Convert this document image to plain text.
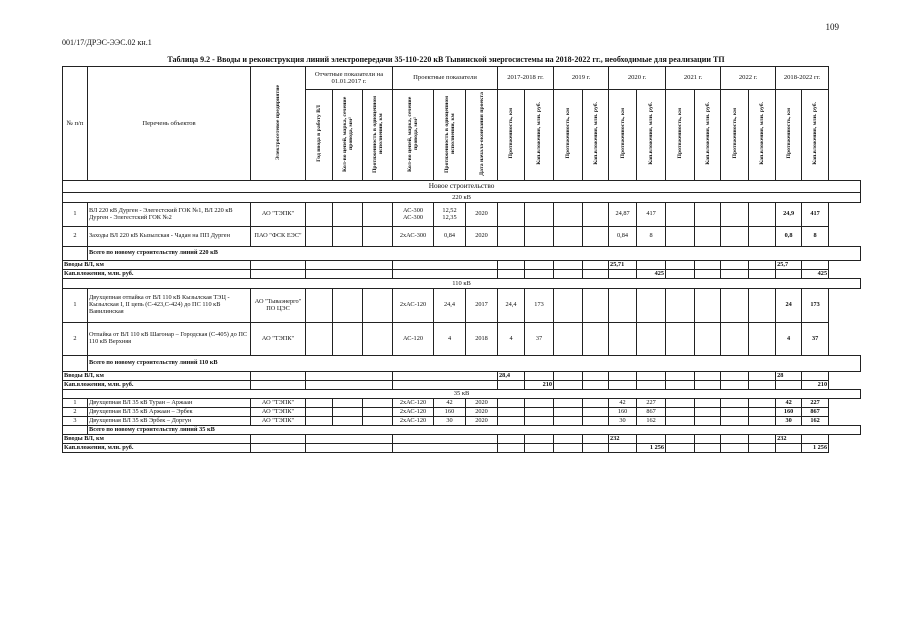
109
001/17/ДРЭС-ЭЭС.02 кн.1
Таблица 9.2 - Вводы и реконструкция линий электропередачи 35-110-220 кВ Тывинской энергосистемы на 2018-2022 гг., необходимые для реализации ТП
№ п/п	Перечень объектов	Электросетевое предприятие	Отчетные показатели на 01.01.2017 г.			Проектные показатели			2017-2018 гг.		2019 г.		2020 г.		2021 г.		2022 г.		2018-2022 гг.	
			Год ввода в работу ВЛ	Кол-во цепей, марка, сечение провода, мм²	Протяженность в одноцепном исполнении, км	Кол-во цепей, марка, сечение провода, мм²	Протяженность в одноцепном исполнении, км	Дата начала-окончания проекта	Протяженность, км	Кап.вложения, млн. руб.	Протяженность, км	Кап.вложения, млн. руб.	Протяженность, км	Кап.вложения, млн. руб.	Протяженность, км	Кап.вложения, млн. руб.	Протяженность, км	Кап.вложения, млн. руб.	Протяженность, км	Кап.вложения, млн. руб.
Новое строительство																				
220 кВ																				
1	ВЛ 220 кВ Дурген - Элегестский ГОК №1, ВЛ 220 кВ Дурген - Элегестский ГОК №2	АО "ТЭПК"				АС-300 АС-300	12,52 12,35	2020					24,87	417					24,9	417
2	Заходы ВЛ 220 кВ Кызылская - Чадан на ПП Дурген	ПАО "ФСК ЕЭС"				2хАС-300	0,84	2020					0,84	8					0,8	8
	Всего по новому строительству линий 220 кВ																			
Вводы ВЛ, км													25,71						25,7	
Кап.вложения, млн. руб.														425						425
110 кВ																				
1	Двухцепная отпайка от ВЛ 110 кВ Кызылская ТЭЦ - Кызылская I, II цепь (С-423,С-424) до ПС 110 кВ Вавилинская	АО "Тываэнерго" ПО ЦЭС				2хАС-120	24,4	2017	24,4	173									24	173
2	Отпайка от ВЛ 110 кВ Шагонар – Городская (С-405) до ПС 110 кВ Верхняя	АО "ТЭПК"				АС-120	4	2018	4	37									4	37
	Всего по новому строительству линий 110 кВ																			
Вводы ВЛ, км									28,4										28	
Кап.вложения, млн. руб.										210										210
35 кВ																				
1	Двухцепная ВЛ 35 кВ Туран – Аржаан	АО "ТЭПК"				2хАС-120	42	2020					42	227					42	227
2	Двухцепная ВЛ 35 кВ Аржаан – Эрбек	АО "ТЭПК"				2хАС-120	160	2020					160	867					160	867
3	Двухцепная ВЛ 35 кВ Эрбек – Доргун	АО "ТЭПК"				2хАС-120	30	2020					30	162					30	162
	Всего по новому строительству линий 35 кВ																			
Вводы ВЛ, км													232						232	
Кап.вложения, млн. руб.														1 256						1 256
